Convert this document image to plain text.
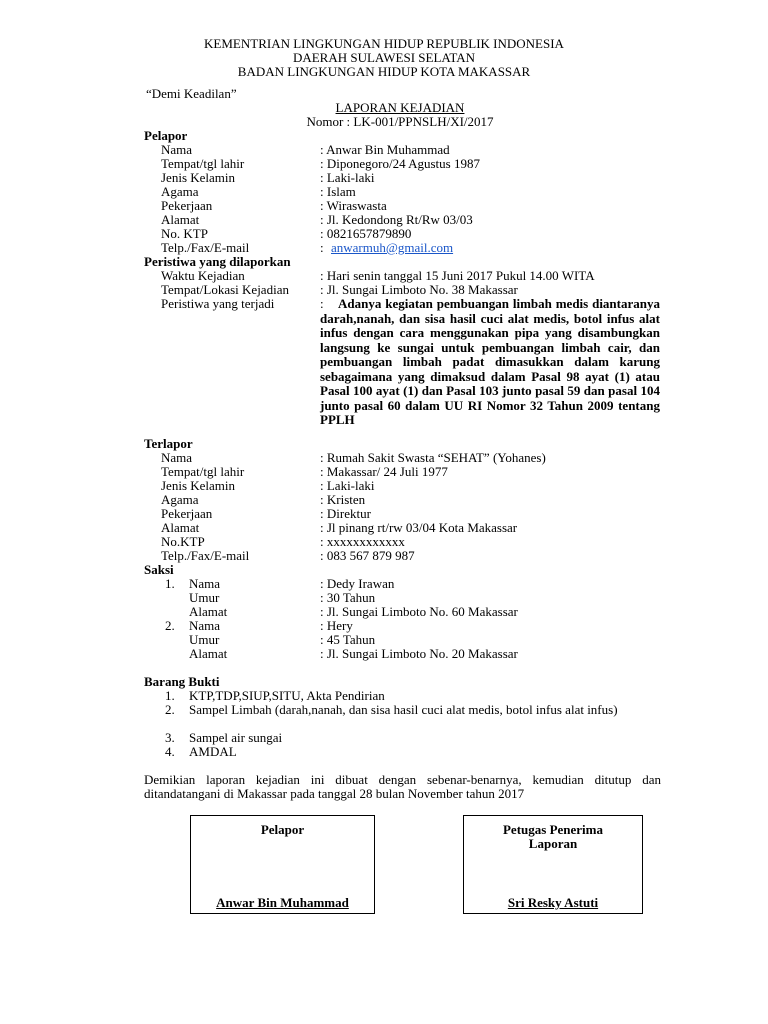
KEMENTRIAN LINGKUNGAN HIDUP REPUBLIK INDONESIA
DAERAH SULAWESI SELATAN
BADAN LINGKUNGAN HIDUP KOTA MAKASSAR
“Demi Keadilan”
LAPORAN KEJADIAN
Nomor : LK-001/PPNSLH/XI/2017
Pelapor
Nama
Tempat/tgl lahir
Jenis Kelamin
Agama
Pekerjaan
Alamat
No. KTP
Telp./Fax/E-mail
: Anwar Bin Muhammad
: Diponegoro/24 Agustus 1987
: Laki-laki
: Islam
: Wiraswasta
: Jl. Kedondong Rt/Rw 03/03
: 0821657879890
: anwarmuh@gmail.com
Peristiwa yang dilaporkan
Waktu Kejadian
Tempat/Lokasi Kejadian
Peristiwa yang terjadi
: Hari senin tanggal 15 Juni 2017 Pukul 14.00 WITA
: Jl. Sungai Limboto No. 38 Makassar
:	Adanya kegiatan pembuangan limbah medis diantaranya darah,nanah, dan sisa hasil cuci alat medis, botol infus alat infus dengan cara menggunakan pipa yang disambungkan langsung ke sungai untuk pembuangan limbah cair, dan pembuangan limbah padat dimasukkan dalam karung sebagaimana yang dimaksud dalam Pasal 98 ayat (1) atau Pasal 100 ayat (1) dan Pasal 103 junto pasal 59 dan pasal 104 junto pasal 60 dalam UU RI Nomor 32 Tahun 2009 tentang PPLH
Terlapor
Nama
Tempat/tgl lahir
Jenis Kelamin
Agama
Pekerjaan
Alamat
No.KTP
Telp./Fax/E-mail
: Rumah Sakit Swasta “SEHAT” (Yohanes)
: Makassar/ 24 Juli 1977
: Laki-laki
: Kristen
: Direktur
: Jl pinang rt/rw 03/04 Kota Makassar
: xxxxxxxxxxxx
: 083 567 879 987
Saksi
1. Nama
Umur
Alamat
: Dedy Irawan
: 30 Tahun
: Jl. Sungai Limboto No. 60 Makassar
2. Nama
Umur
Alamat
: Hery
: 45 Tahun
: Jl. Sungai Limboto No. 20 Makassar
Barang Bukti
1. KTP,TDP,SIUP,SITU, Akta Pendirian
2. Sampel Limbah (darah,nanah, dan sisa hasil cuci alat medis, botol infus alat infus)
3. Sampel air sungai
4. AMDAL
Demikian laporan kejadian ini dibuat dengan sebenar-benarnya, kemudian ditutup dan ditandatangani di Makassar pada tanggal 28 bulan November tahun 2017
Pelapor
Anwar Bin Muhammad
Petugas Penerima
Laporan
Sri Resky Astuti
